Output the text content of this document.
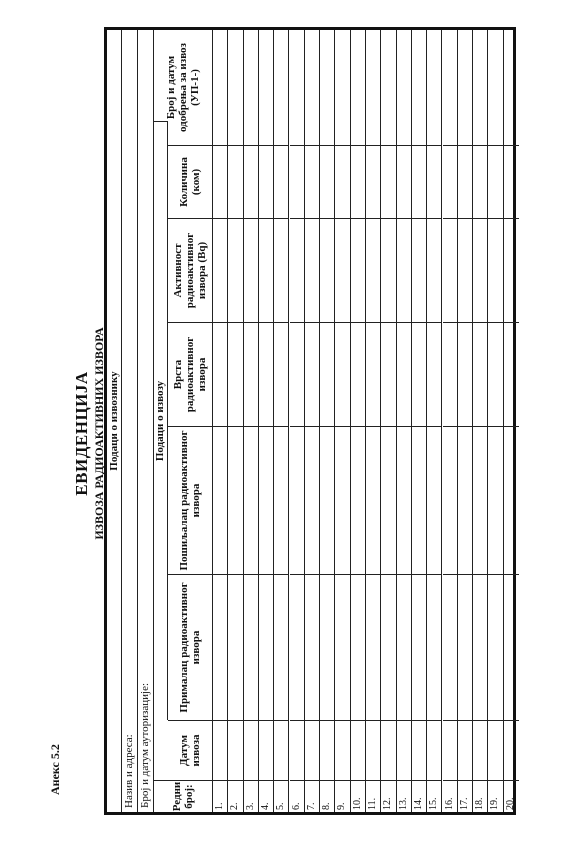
Анекс 5.2
ЕВИДЕНЦИЈА ИЗВОЗА РАДИОАКТИВНИХ ИЗВОРА Подаци о извознику
Назив и адреса: Број и датум ауторизације:
Подаци о извозу
Редни број:
Датум извоза
Прималац радиоактивног извора
Пошиљалац радиоактивног извора
Врста радиоактивног извора
Активност радиоактивног извора (Bq)
Количина (ком)
Број и датум одобрења за извоз (УП-1-)
1. 2. 3. 4. 5. 6. 7. 8. 9. 10. 11. 12. 13. 14. 15. 16. 17. 18. 19. 20.
